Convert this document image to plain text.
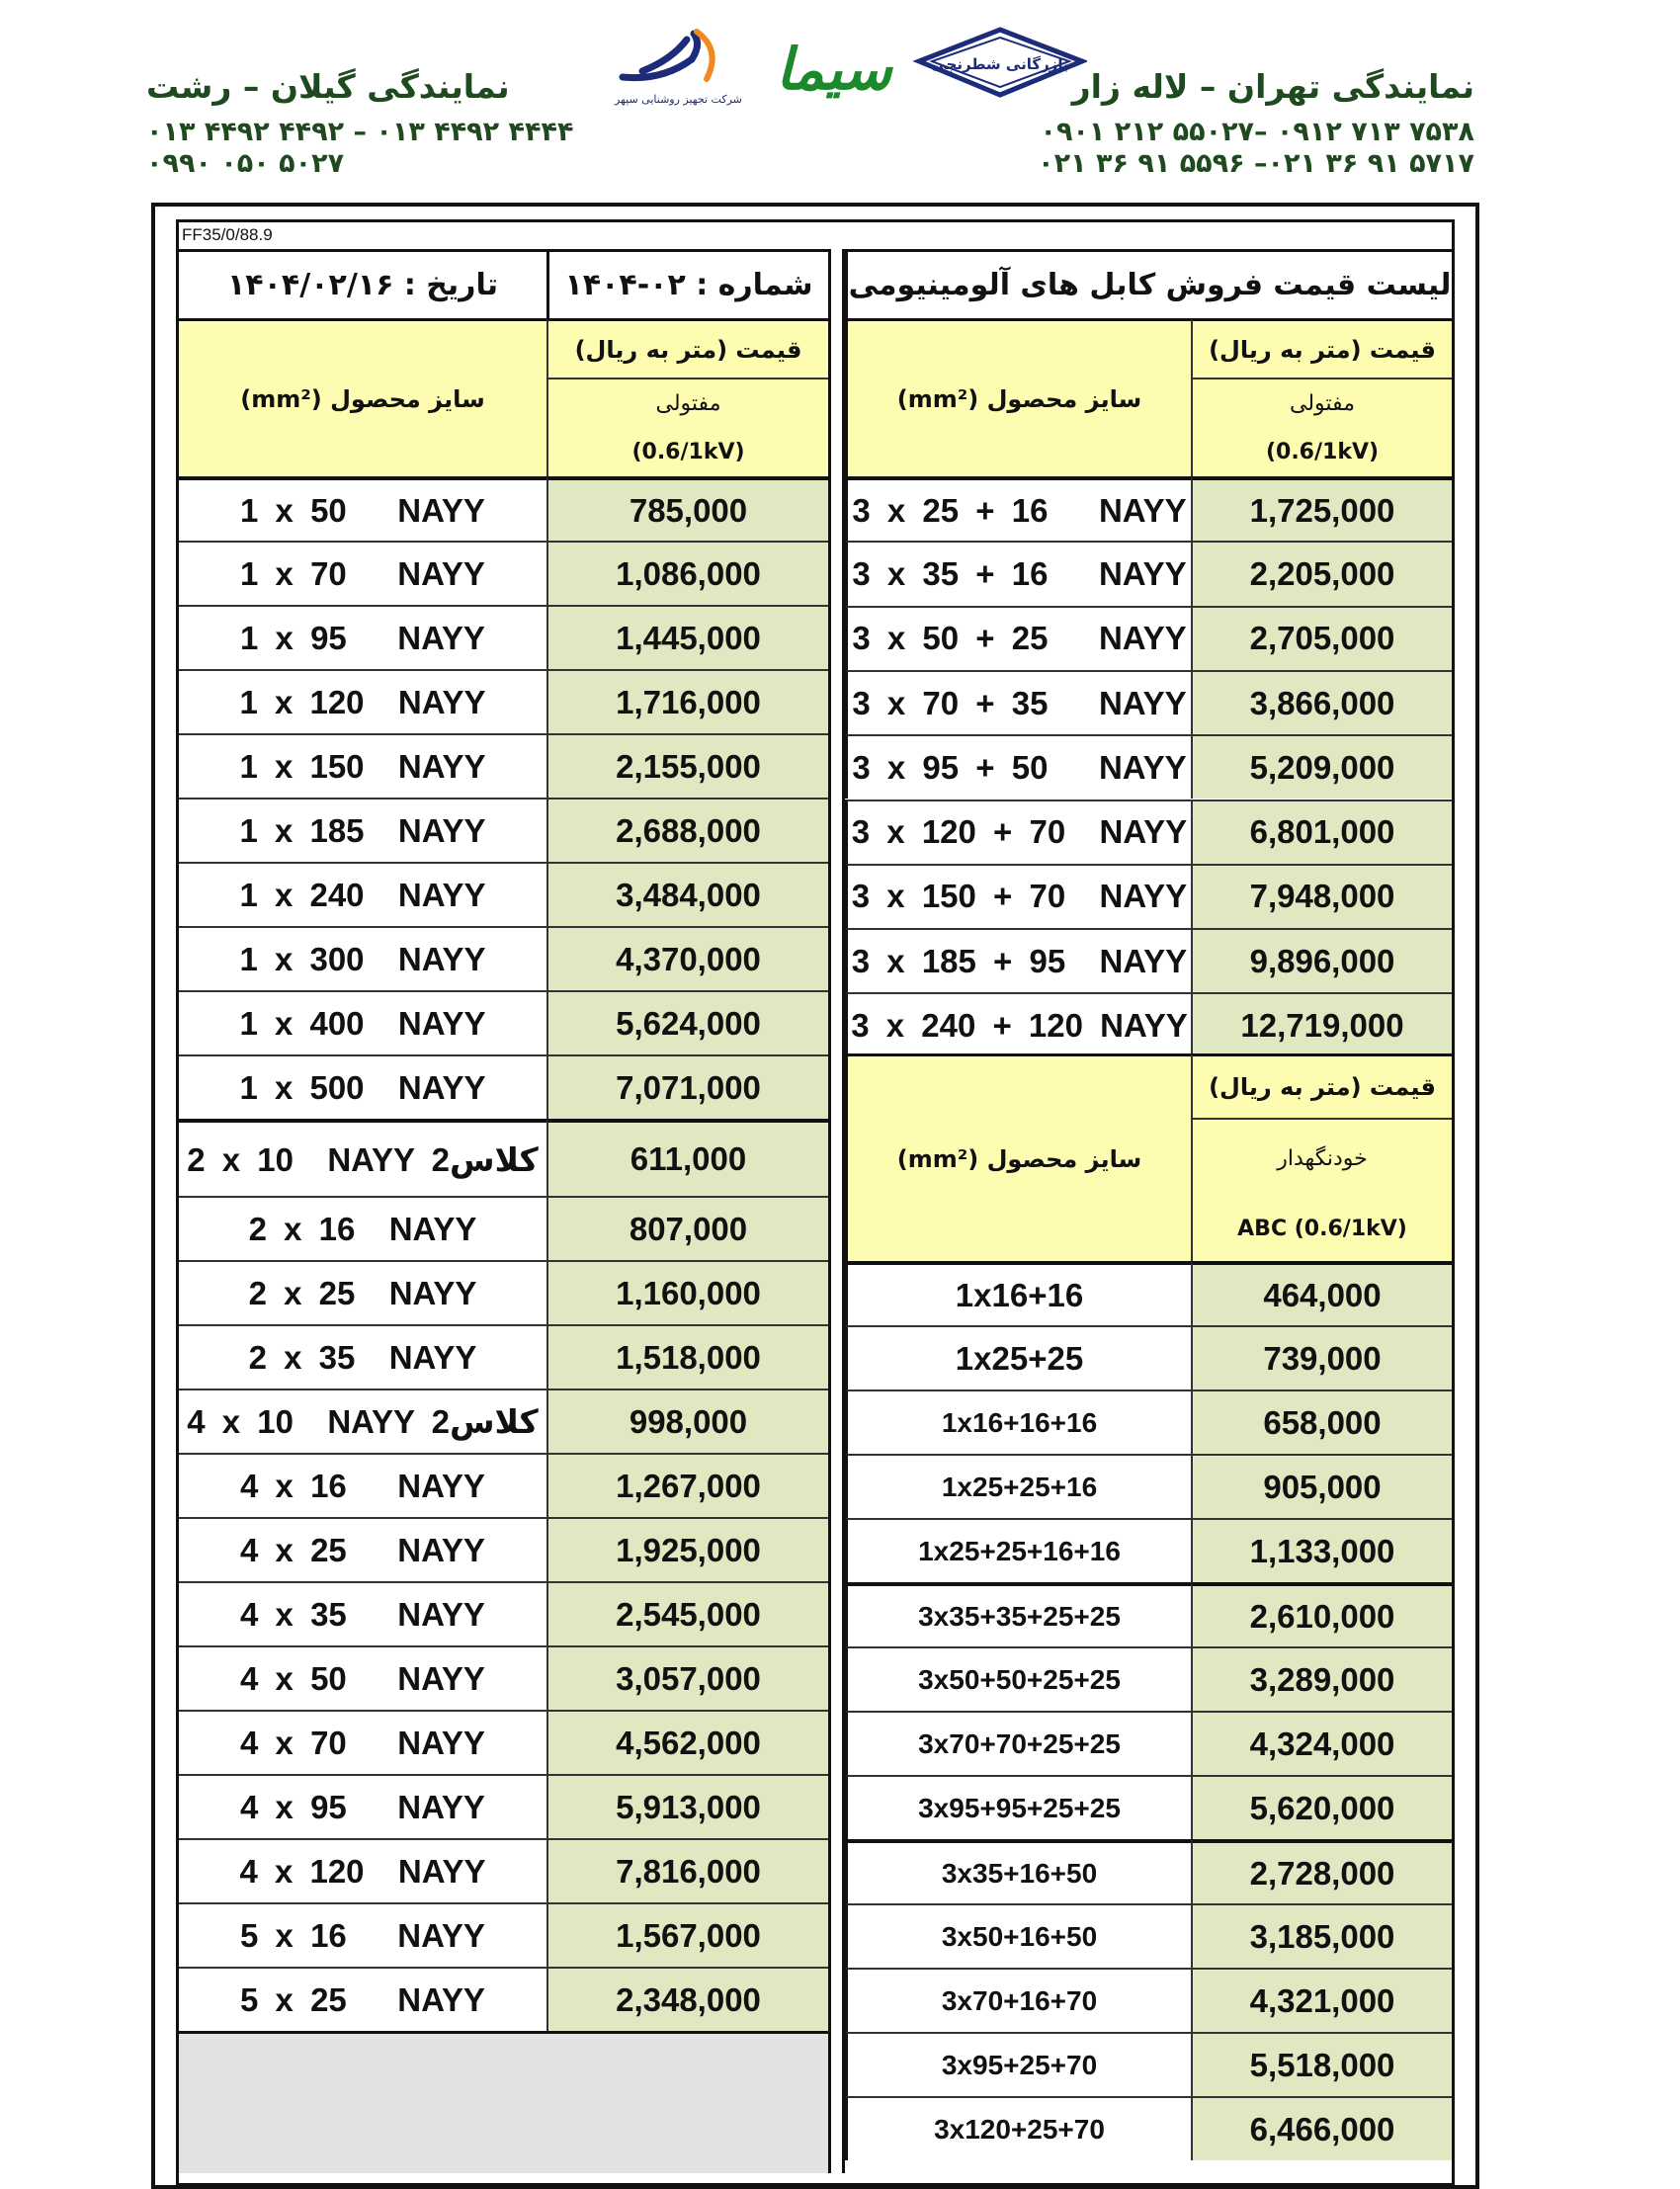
نمایندگی گیلان – رشت
۰۱۳ ۴۴۹۲ ۴۴۹۲ – ۰۱۳ ۴۴۹۲ ۴۴۴۴
۰۹۹۰ ۰۵۰ ۵۰۲۷
نمایندگی تهران – لاله زار
۰۹۰۱ ۲۱۲ ۵۵۰۲۷– ۰۹۱۲ ۷۱۳ ۷۵۳۸
۰۲۱ ۳۶ ۹۱ ۵۵۹۶ –۰۲۱ ۳۶ ۹۱ ۵۷۱۷
شرکت تجهیز روشنایی سپهر سیما	بازرگانی شطرنجی
FF35/0/88.9
تاریخ : ۱۴۰۴/۰۲/۱۶ شماره : ۰۲-۱۴۰۴ لیست قیمت فروش کابل های آلومینیومی
سایز محصول (mm²)
قیمت (متر به ریال)
مفتولی
(0.6/1kV)
سایز محصول (mm²)
قیمت (متر به ریال)
مفتولی
(0.6/1kV)
1 x 50   NAYY	785,000
1 x 70   NAYY	1,086,000
1 x 95   NAYY	1,445,000
1 x 120  NAYY	1,716,000
1 x 150  NAYY	2,155,000
1 x 185  NAYY	2,688,000
1 x 240  NAYY	3,484,000
1 x 300  NAYY	4,370,000
1 x 400  NAYY	5,624,000
1 x 500  NAYY	7,071,000
2 x 10  NAYY 2کلاس	611,000
2 x 16  NAYY	807,000
2 x 25  NAYY	1,160,000
2 x 35  NAYY	1,518,000
4 x 10  NAYY 2کلاس	998,000
4 x 16   NAYY	1,267,000
4 x 25   NAYY	1,925,000
4 x 35   NAYY	2,545,000
4 x 50   NAYY	3,057,000
4 x 70   NAYY	4,562,000
4 x 95   NAYY	5,913,000
4 x 120  NAYY	7,816,000
5 x 16   NAYY	1,567,000
5 x 25   NAYY	2,348,000
3 x 25 + 16   NAYY 1,725,000
3 x 35 + 16   NAYY 2,205,000
3 x 50 + 25   NAYY 2,705,000
3 x 70 + 35   NAYY 3,866,000
3 x 95 + 50   NAYY 5,209,000
3 x 120 + 70  NAYY 6,801,000
3 x 150 + 70  NAYY 7,948,000
3 x 185 + 95  NAYY 9,896,000
3 x 240 + 120 NAYY 12,719,000
سایز محصول (mm²)
قیمت (متر به ریال)
خودنگهدار
ABC (0.6/1kV)
1x16+16	464,000
1x25+25	739,000
1x16+16+16	658,000
1x25+25+16	905,000
1x25+25+16+16	1,133,000
3x35+35+25+25	2,610,000
3x50+50+25+25	3,289,000
3x70+70+25+25	4,324,000
3x95+95+25+25	5,620,000
3x35+16+50	2,728,000
3x50+16+50	3,185,000
3x70+16+70	4,321,000
3x95+25+70	5,518,000
3x120+25+70	6,466,000
